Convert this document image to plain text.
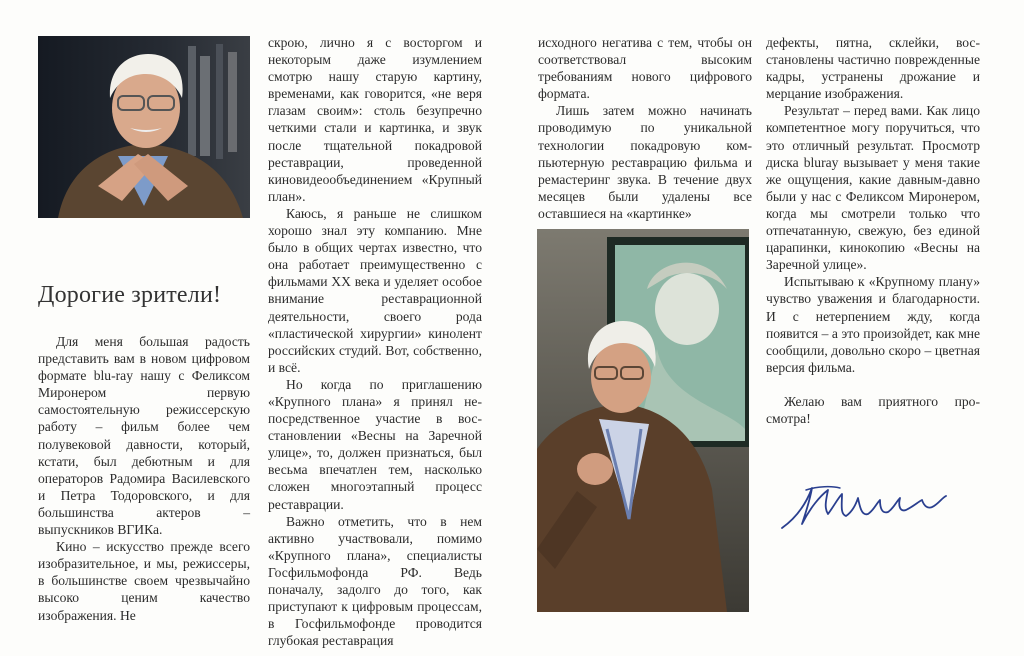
Дорогие зрители!

Для меня большая радость представить вам в новом цифровом формате blu-ray нашу с Феликсом Миронером первую самостоятельную режиссерскую работу – фильм более чем полувековой давности, который, кстати, был дебютным и для операторов Радомира Василевского и Петра Тодоровского, и для большинства актеров – выпускников ВГИКа.

Кино – искусство прежде всего изобразительное, и мы, режиссеры, в большинстве своем чрезвычайно высоко ценим качество изображения. Не

скрою, лично я с восторгом и некоторым даже изумлением смотрю нашу старую картину, временами, как говорится, «не веря глазам своим»: столь безупречно четкими стали и картинка, и звук после тщательной покадровой реставрации, проведенной киновидеообъединением «Крупный план».

Каюсь, я раньше не слишком хорошо знал эту компанию. Мне было в общих чертах известно, что она работает преимущественно с фильмами ХХ века и уделяет особое внимание реставрационной деятельности, своего рода «пластической хирургии» кинолент российских студий. Вот, собственно, и всё.

Но когда по приглашению «Крупного плана» я принял непосредственное участие в восстановлении «Весны на Заречной улице», то, должен признаться, был весьма впечатлен тем, насколько сложен многоэтапный процесс реставрации.

Важно отметить, что в нем активно участвовали, помимо «Крупного плана», специалисты Госфильмофонда РФ. Ведь поначалу, задолго до того, как приступают к цифровым процессам, в Госфильмофонде проводится глубокая реставрация

исходного негатива с тем, чтобы он соответствовал высоким требованиям нового цифрового формата.

Лишь затем можно начинать проводимую по уникальной технологии покадровую компьютерную реставрацию фильма и ремастеринг звука. В течение двух месяцев были удалены все оставшиеся на «картинке»

дефекты, пятна, склейки, восстановлены частично поврежденные кадры, устранены дрожание и мерцание изображения.

Результат – перед вами. Как лицо компетентное могу поручиться, что это отличный результат. Просмотр диска bluray вызывает у меня такие же ощущения, какие давным-давно были у нас с Феликсом Миронером, когда мы смотрели только что отпечатанную, свежую, без единой царапинки, кинокопию «Весны на Заречной улице».

Испытываю к «Крупному плану» чувство уважения и благодарности. И с нетерпением жду, когда появится – а это произойдет, как мне сообщили, довольно скоро – цветная версия фильма.

Желаю вам приятного просмотра!
